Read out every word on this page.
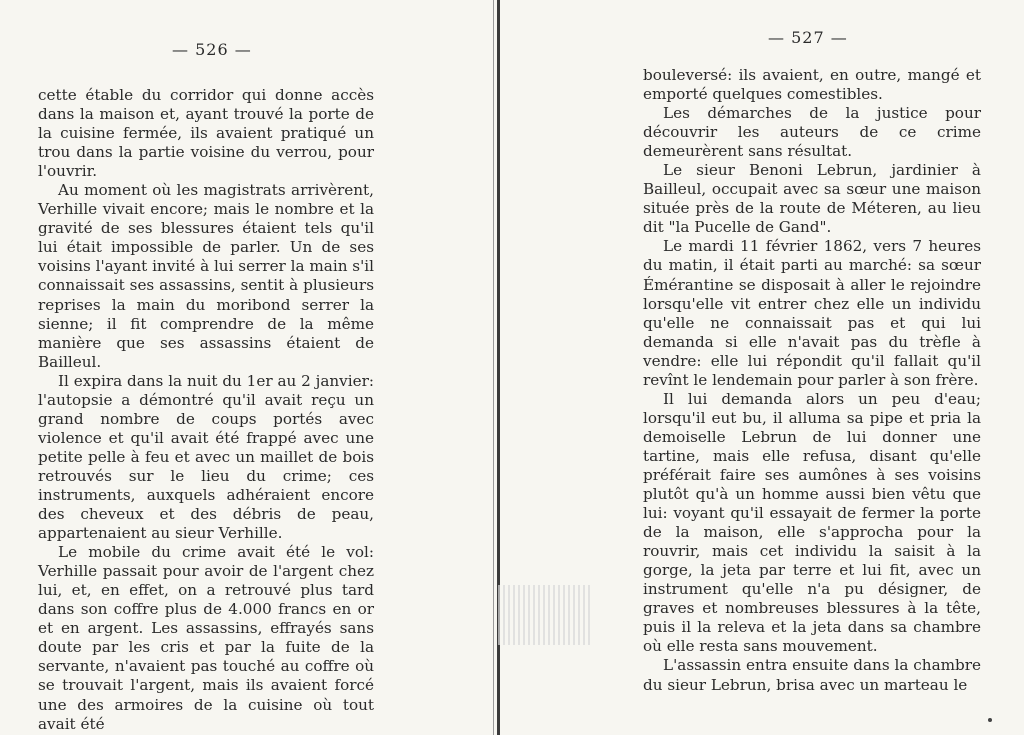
— 526 —

cette étable du corridor qui donne accès dans la maison et, ayant trouvé la porte de la cuisine fermée, ils avaient pratiqué un trou dans la partie voisine du verrou, pour l'ouvrir.

Au moment où les magistrats arrivèrent, Verhille vivait encore; mais le nombre et la gravité de ses blessures étaient tels qu'il lui était impossible de parler. Un de ses voisins l'ayant invité à lui serrer la main s'il connaissait ses assassins, sentit à plusieurs reprises la main du moribond serrer la sienne; il fit comprendre de la même manière que ses assassins étaient de Bailleul.

Il expira dans la nuit du 1er au 2 janvier: l'autopsie a démontré qu'il avait reçu un grand nombre de coups portés avec violence et qu'il avait été frappé avec une petite pelle à feu et avec un maillet de bois retrouvés sur le lieu du crime; ces instruments, auxquels adhéraient encore des cheveux et des débris de peau, appartenaient au sieur Verhille.

Le mobile du crime avait été le vol: Verhille passait pour avoir de l'argent chez lui, et, en effet, on a retrouvé plus tard dans son coffre plus de 4.000 francs en or et en argent. Les assassins, effrayés sans doute par les cris et par la fuite de la servante, n'avaient pas touché au coffre où se trouvait l'argent, mais ils avaient forcé une des armoires de la cuisine où tout avait été

— 527 —

bouleversé: ils avaient, en outre, mangé et emporté quelques comestibles.

Les démarches de la justice pour découvrir les auteurs de ce crime demeurèrent sans résultat.

Le sieur Benoni Lebrun, jardinier à Bailleul, occupait avec sa sœur une maison située près de la route de Méteren, au lieu dit "la Pucelle de Gand".

Le mardi 11 février 1862, vers 7 heures du matin, il était parti au marché: sa sœur Émérantine se disposait à aller le rejoindre lorsqu'elle vit entrer chez elle un individu qu'elle ne connaissait pas et qui lui demanda si elle n'avait pas du trèfle à vendre: elle lui répondit qu'il fallait qu'il revînt le lendemain pour parler à son frère.

Il lui demanda alors un peu d'eau; lorsqu'il eut bu, il alluma sa pipe et pria la demoiselle Lebrun de lui donner une tartine, mais elle refusa, disant qu'elle préférait faire ses aumônes à ses voisins plutôt qu'à un homme aussi bien vêtu que lui: voyant qu'il essayait de fermer la porte de la maison, elle s'approcha pour la rouvrir, mais cet individu la saisit à la gorge, la jeta par terre et lui fit, avec un instrument qu'elle n'a pu désigner, de graves et nombreuses blessures à la tête, puis il la releva et la jeta dans sa chambre où elle resta sans mouvement.

L'assassin entra ensuite dans la chambre du sieur Lebrun, brisa avec un marteau le
